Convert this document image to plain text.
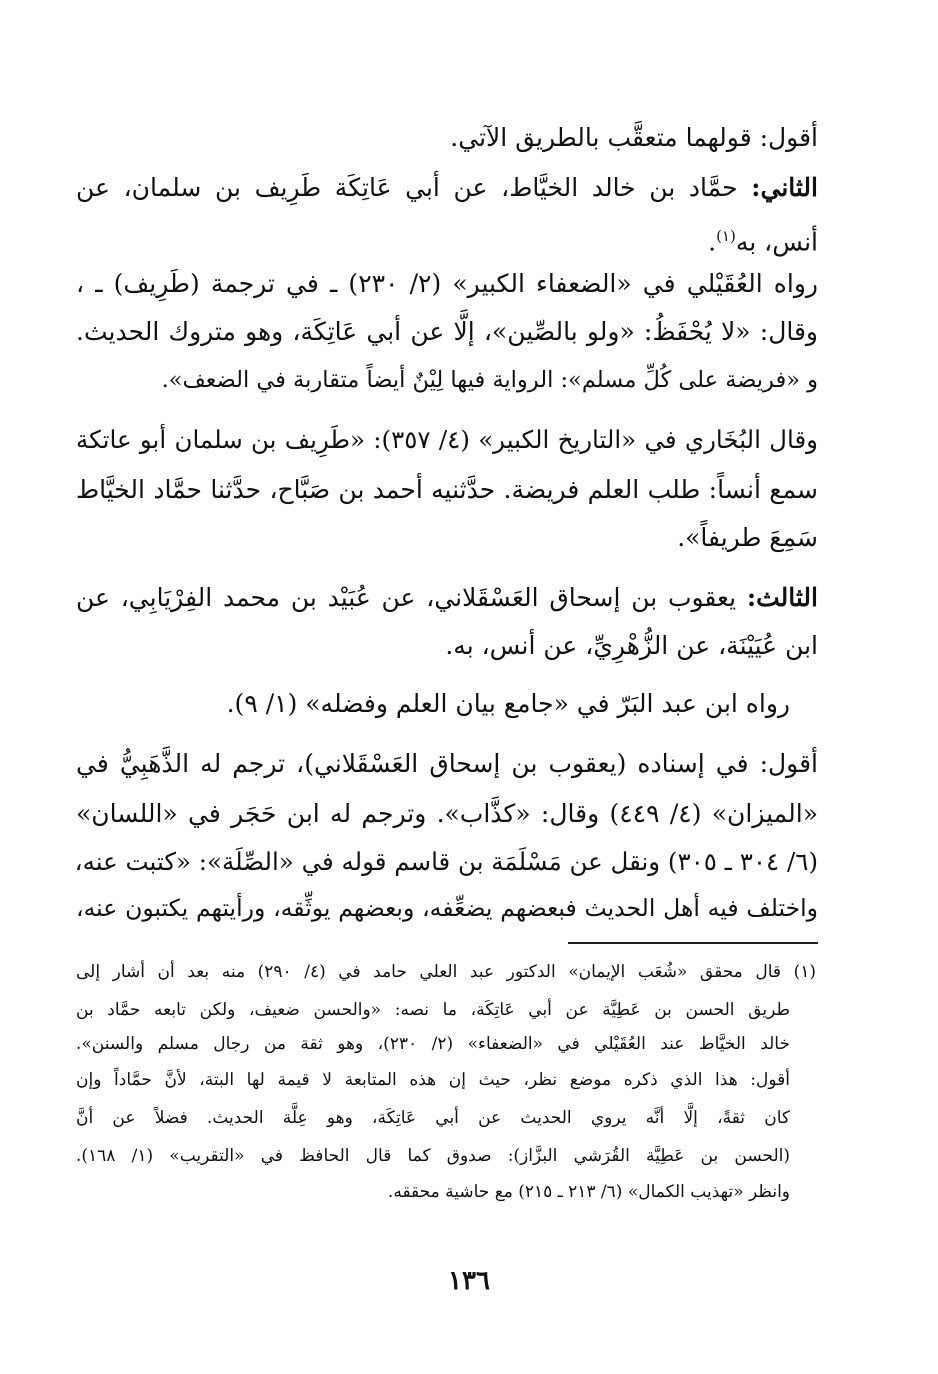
أقول: قولهما متعقَّب بالطريق الآتي.
الثاني: حمَّاد بن خالد الخيَّاط، عن أبي عَاتِكَة طَرِيف بن سلمان، عن
أنس، به$^{(١)}$.
رواه العُقَيْلي في «الضعفاء الكبير» (٢/ ٢٣٠) ـ في ترجمة (طَرِيف) ـ ،
وقال: «لا يُحْفَظُ: «ولو بالصِّين»، إلَّا عن أبي عَاتِكَة، وهو متروك الحديث.
و «فريضة على كُلِّ مسلم»: الرواية فيها لِيْنٌ أيضاً متقاربة في الضعف».
وقال البُخَاري في «التاريخ الكبير» (٤/ ٣٥٧): «طَرِيف بن سلمان أبو عاتكة
سمع أنساً: طلب العلم فريضة. حدَّثنيه أحمد بن صَبَّاح، حدَّثنا حمَّاد الخيَّاط
سَمِعَ طريفاً».
الثالث: يعقوب بن إسحاق العَسْقَلاني، عن عُبَيْد بن محمد الفِرْيَابِي، عن
ابن عُيَيْنَة، عن الزُّهْرِيِّ، عن أنس، به.
رواه ابن عبد البَرّ في «جامع بيان العلم وفضله» (١/ ٩).
أقول: في إسناده (يعقوب بن إسحاق العَسْقَلاني)، ترجم له الذَّهَبِيُّ في
«الميزان» (٤/ ٤٤٩) وقال: «كذَّاب». وترجم له ابن حَجَر في «اللسان»
(٦/ ٣٠٤ ـ ٣٠٥) ونقل عن مَسْلَمَة بن قاسم قوله في «الصِّلَة»: «كتبت عنه،
واختلف فيه أهل الحديث فبعضهم يضعِّفه، وبعضهم يوثِّقه، ورأيتهم يكتبون عنه،
(١) قال محقق «شُعَب الإيمان» الدكتور عبد العلي حامد في (٤/ ٢٩٠) منه بعد أن أشار إلى
طريق الحسن بن عَطِيَّة عن أبي عَاتِكَة، ما نصه: «والحسن ضعيف، ولكن تابعه حمَّاد بن
خالد الخيَّاط عند العُقَيْلي في «الضعفاء» (٢/ ٢٣٠)، وهو ثقة من رجال مسلم والسنن».
أقول: هذا الذي ذكره موضع نظر، حيث إن هذه المتابعة لا قيمة لها البتة، لأنَّ حمَّاداً وإن
كان ثقةً، إلَّا أنَّه يروي الحديث عن أبي عَاتِكَة، وهو عِلَّة الحديث. فضلاً عن أنَّ
(الحسن بن عَطِيَّة القُرَشي البزَّاز): صدوق كما قال الحافظ في «التقريب» (١/ ١٦٨).
وانظر «تهذيب الكمال» (٦/ ٢١٣ ـ ٢١٥) مع حاشية محققه.
١٣٦
